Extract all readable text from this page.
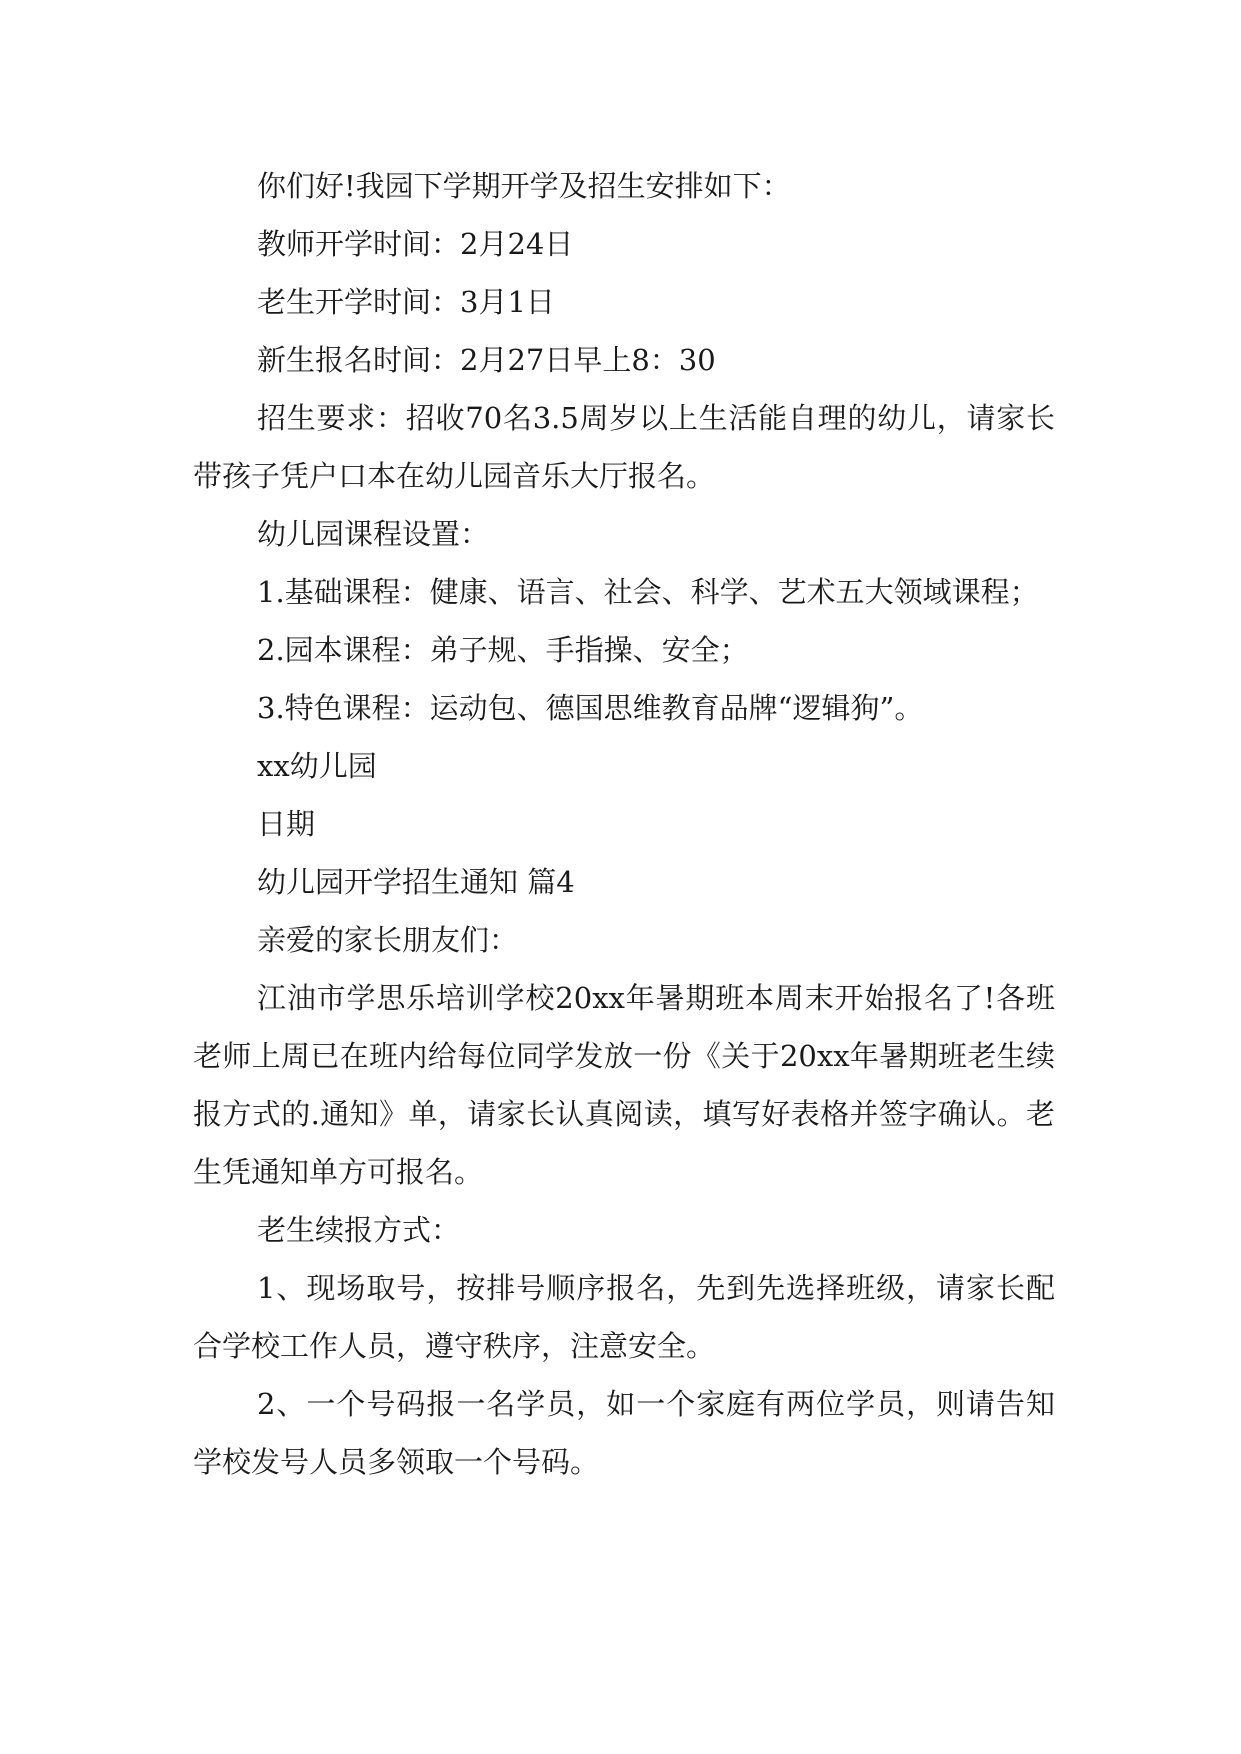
你们好!我园下学期开学及招生安排如下：

教师开学时间：2月24日

老生开学时间：3月1日

新生报名时间：2月27日早上8：30

招生要求：招收70名3.5周岁以上生活能自理的幼儿，请家长带孩子凭户口本在幼儿园音乐大厅报名。

幼儿园课程设置：

1.基础课程：健康、语言、社会、科学、艺术五大领域课程；

2.园本课程：弟子规、手指操、安全；

3.特色课程：运动包、德国思维教育品牌“逻辑狗”。

xx幼儿园

日期

幼儿园开学招生通知 篇4

亲爱的家长朋友们：

江油市学思乐培训学校20xx年暑期班本周末开始报名了!各班老师上周已在班内给每位同学发放一份《关于20xx年暑期班老生续报方式的.通知》单，请家长认真阅读，填写好表格并签字确认。老生凭通知单方可报名。

老生续报方式：

1、现场取号，按排号顺序报名，先到先选择班级，请家长配合学校工作人员，遵守秩序，注意安全。

2、一个号码报一名学员，如一个家庭有两位学员，则请告知学校发号人员多领取一个号码。
